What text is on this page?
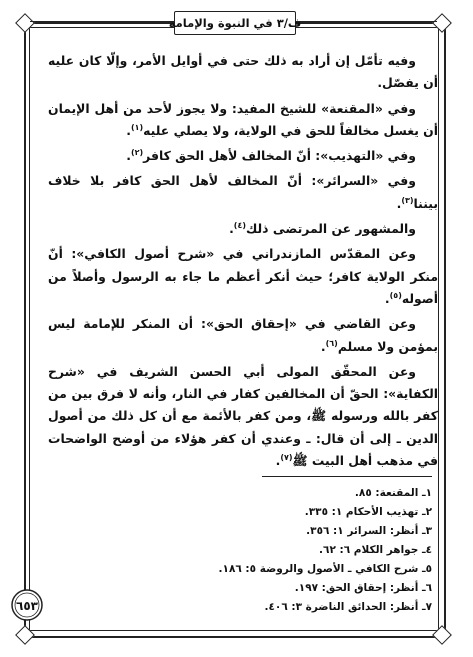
ف/٣ في النبوة والإمامة
٦٥٣

وفيه تأمّل إن أراد به ذلك حتى في أوايل الأمر، وإلّا كان عليه أن يفصّل.

وفي «المقنعة» للشيخ المفيد: ولا يجوز لأحد من أهل الإيمان أن يغسل مخالفاً للحق في الولاية، ولا يصلي عليه$^{(١)}$.

وفي «التهذيب»: أنّ المخالف لأهل الحق كافر$^{(٢)}$.

وفي «السرائر»: أنّ المخالف لأهل الحق كافر بلا خلاف بيننا$^{(٣)}$.

والمشهور عن المرتضى ذلك$^{(٤)}$.

وعن المقدّس المازندراني في «شرح أصول الكافي»: أنّ منكر الولاية كافر؛ حيث أنكر أعظم ما جاء به الرسول وأصلاً من أصوله$^{(٥)}$.

وعن القاضي في «إحقاق الحق»: أن المنكر للإمامة ليس بمؤمن ولا مسلم$^{(٦)}$.

وعن المحقّق المولى أبي الحسن الشريف في «شرح الكفاية»: الحقّ أن المخالفين كفار في النار، وأنه لا فرق بين من كفر بالله ورسوله ﷺ، ومن كفر بالأئمة مع أن كل ذلك من أصول الدين ـ إلى أن قال: ـ وعندي أن كفر هؤلاء من أوضح الواضحات في مذهب أهل البيت ﷺ$^{(٧)}$.

١ـ المقنعة: ٨٥.
٢ـ تهذيب الأحكام ١: ٣٣٥.
٣ـ أنظر: السرائر ١: ٣٥٦.
٤ـ جواهر الكلام ٦: ٦٢.
٥ـ شرح الكافي ـ الأصول والروضة ٥: ١٨٦.
٦ـ أنظر: إحقاق الحق: ١٩٧.
٧ـ أنظر: الحدائق الناضرة ٣: ٤٠٦.
